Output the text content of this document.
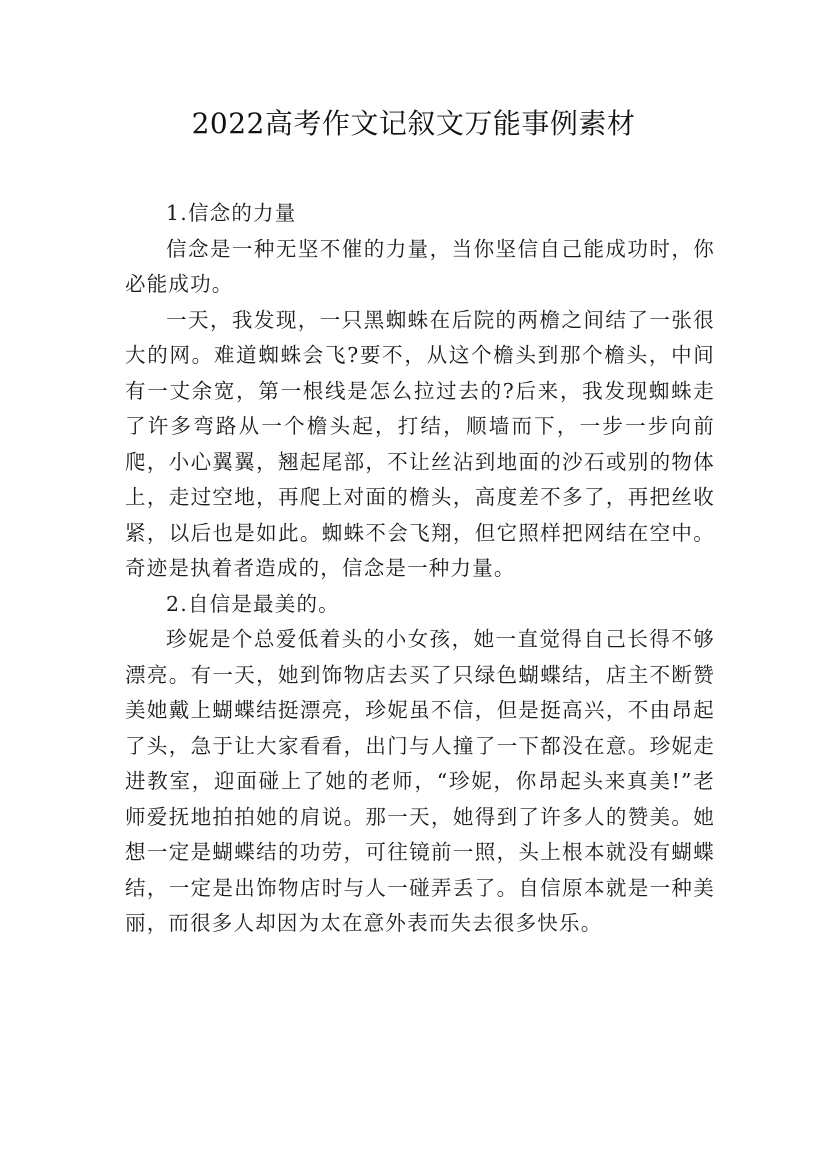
2022高考作文记叙文万能事例素材

1.信念的力量

信念是一种无坚不催的力量，当你坚信自己能成功时，你必能成功。

一天，我发现，一只黑蜘蛛在后院的两檐之间结了一张很大的网。难道蜘蛛会飞?要不，从这个檐头到那个檐头，中间有一丈余宽，第一根线是怎么拉过去的?后来，我发现蜘蛛走了许多弯路从一个檐头起，打结，顺墙而下，一步一步向前爬，小心翼翼，翘起尾部，不让丝沾到地面的沙石或别的物体上，走过空地，再爬上对面的檐头，高度差不多了，再把丝收紧，以后也是如此。蜘蛛不会飞翔，但它照样把网结在空中。奇迹是执着者造成的，信念是一种力量。

2.自信是最美的。

珍妮是个总爱低着头的小女孩，她一直觉得自己长得不够漂亮。有一天，她到饰物店去买了只绿色蝴蝶结，店主不断赞美她戴上蝴蝶结挺漂亮，珍妮虽不信，但是挺高兴，不由昂起了头，急于让大家看看，出门与人撞了一下都没在意。珍妮走进教室，迎面碰上了她的老师，“珍妮，你昂起头来真美!”老师爱抚地拍拍她的肩说。那一天，她得到了许多人的赞美。她想一定是蝴蝶结的功劳，可往镜前一照，头上根本就没有蝴蝶结，一定是出饰物店时与人一碰弄丢了。自信原本就是一种美丽，而很多人却因为太在意外表而失去很多快乐。
